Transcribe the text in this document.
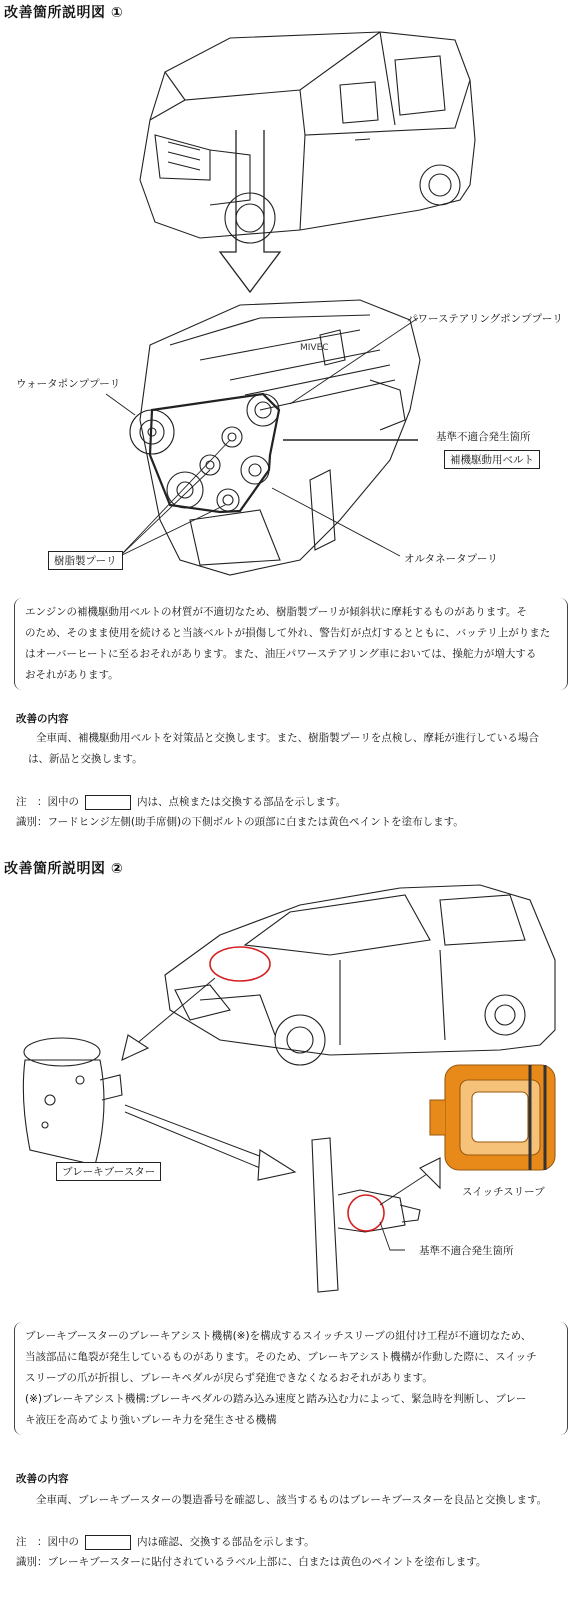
改善箇所説明図 ①
MIVEC
パワーステアリングポンププーリ
ウォータポンププーリ
基準不適合発生箇所
補機駆動用ベルト
樹脂製プーリ	オルタネータプーリ
エンジンの補機駆動用ベルトの材質が不適切なため、樹脂製プーリが傾斜状に摩耗するものがあります。そ
のため、そのまま使用を続けると当該ベルトが損傷して外れ、警告灯が点灯するとともに、バッテリ上がりまた
はオーバーヒートに至るおそれがあります。また、油圧パワーステアリング車においては、操舵力が増大する
おそれがあります。
改善の内容
全車両、補機駆動用ベルトを対策品と交換します。また、樹脂製プーリを点検し、摩耗が進行している場合
は、新品と交換します。
注　：図中の	内は、点検または交換する部品を示します。
識別：フードヒンジ左側(助手席側)の下側ボルトの頭部に白または黄色ペイントを塗布します。
改善箇所説明図 ②
ブレーキブースター
スイッチスリーブ
基準不適合発生箇所
ブレーキブースターのブレーキアシスト機構(※)を構成するスイッチスリーブの組付け工程が不適切なため、
当該部品に亀裂が発生しているものがあります。そのため、ブレーキアシスト機構が作動した際に、スイッチ
スリーブの爪が折損し、ブレーキペダルが戻らず発進できなくなるおそれがあります。
(※)ブレーキアシスト機構:ブレーキペダルの踏み込み速度と踏み込む力によって、緊急時を判断し、ブレー
キ液圧を高めてより強いブレーキ力を発生させる機構
改善の内容
全車両、ブレーキブースターの製造番号を確認し、該当するものはブレーキブースターを良品と交換します。
注　：図中の	内は確認、交換する部品を示します。
識別：ブレーキブースターに貼付されているラベル上部に、白または黄色のペイントを塗布します。
